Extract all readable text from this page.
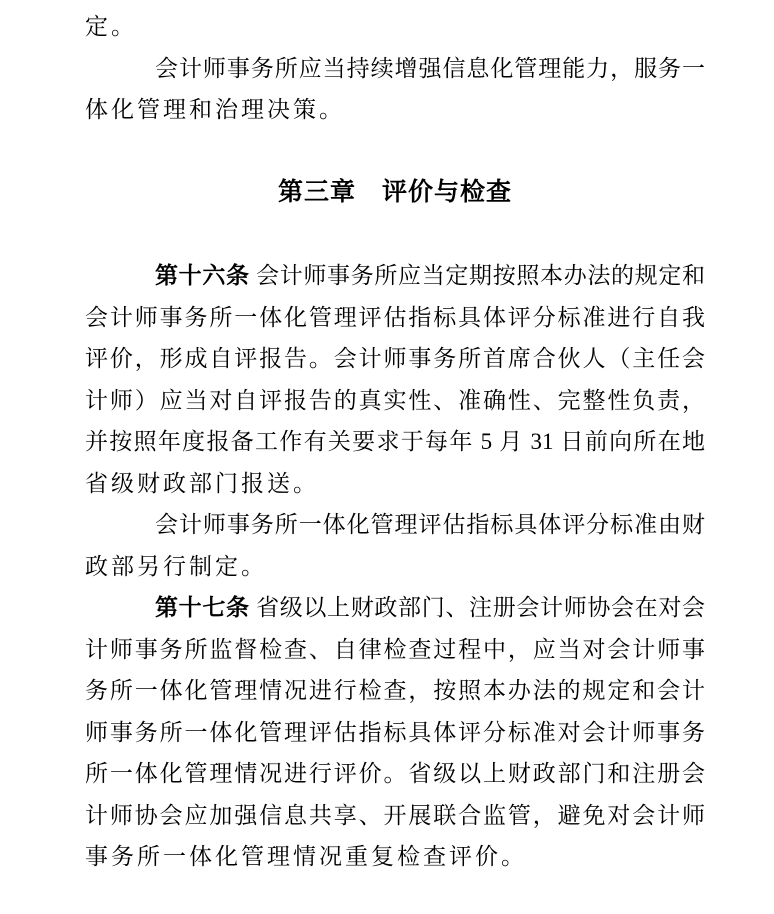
定。
会计师事务所应当持续增强信息化管理能力，服务一
体化管理和治理决策。
第三章　评价与检查
第十六条 会计师事务所应当定期按照本办法的规定和
会计师事务所一体化管理评估指标具体评分标准进行自我
评价，形成自评报告。会计师事务所首席合伙人（主任会
计师）应当对自评报告的真实性、准确性、完整性负责，
并按照年度报备工作有关要求于每年 5 月 31 日前向所在地
省级财政部门报送。
会计师事务所一体化管理评估指标具体评分标准由财
政部另行制定。
第十七条 省级以上财政部门、注册会计师协会在对会
计师事务所监督检查、自律检查过程中，应当对会计师事
务所一体化管理情况进行检查，按照本办法的规定和会计
师事务所一体化管理评估指标具体评分标准对会计师事务
所一体化管理情况进行评价。省级以上财政部门和注册会
计师协会应加强信息共享、开展联合监管，避免对会计师
事务所一体化管理情况重复检查评价。
